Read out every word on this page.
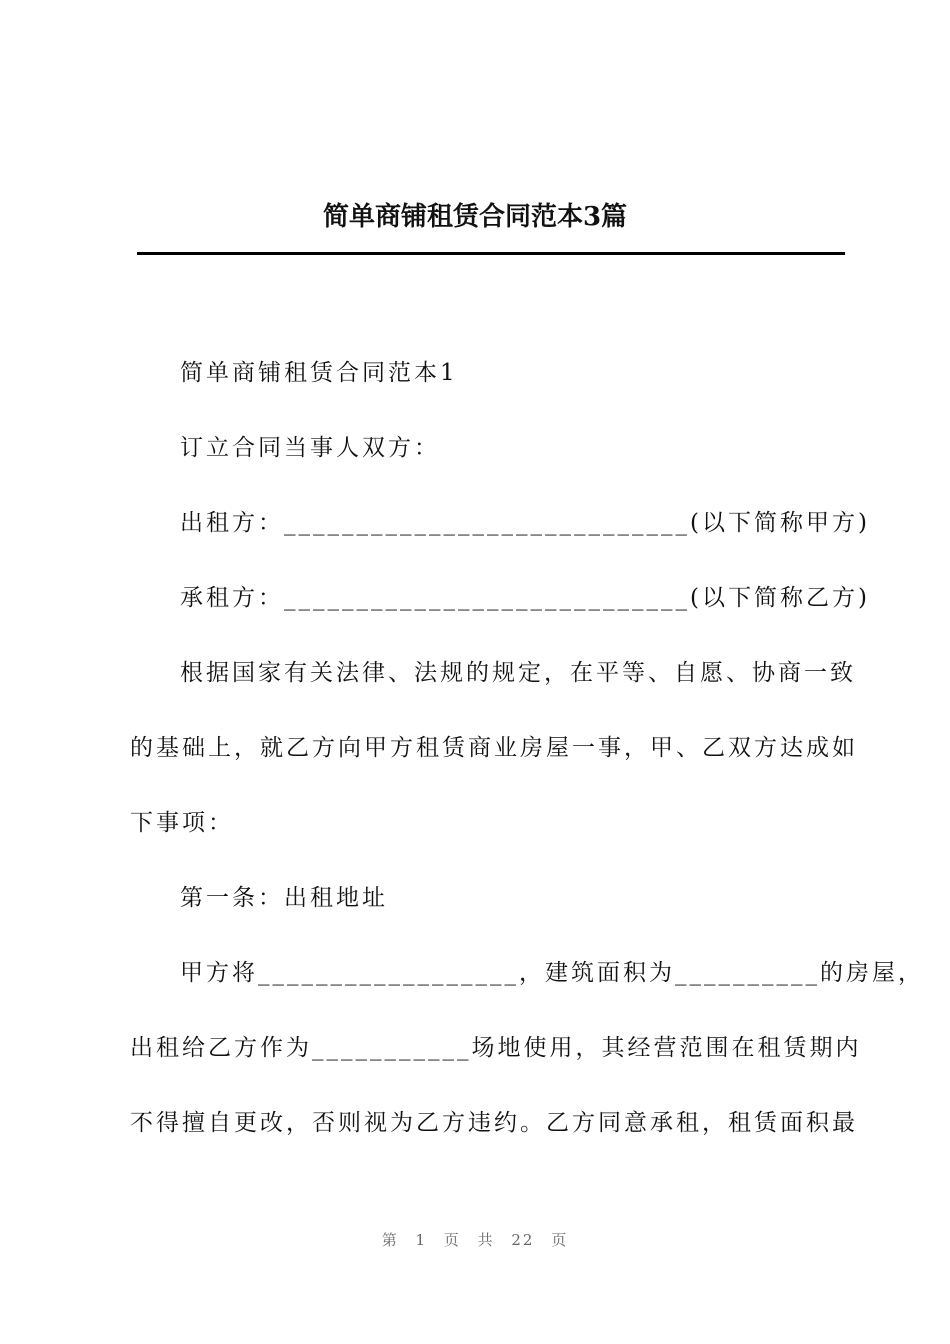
简单商铺租赁合同范本3篇
简单商铺租赁合同范本1
订立合同当事人双方：
出租方：____________________________(以下简称甲方)
承租方：____________________________(以下简称乙方)
根据国家有关法律、法规的规定，在平等、自愿、协商一致
的基础上，就乙方向甲方租赁商业房屋一事，甲、乙双方达成如
下事项：
第一条：出租地址
甲方将__________________，建筑面积为__________的房屋，
出租给乙方作为___________场地使用，其经营范围在租赁期内
不得擅自更改，否则视为乙方违约。乙方同意承租，租赁面积最
第 1 页 共 22 页
